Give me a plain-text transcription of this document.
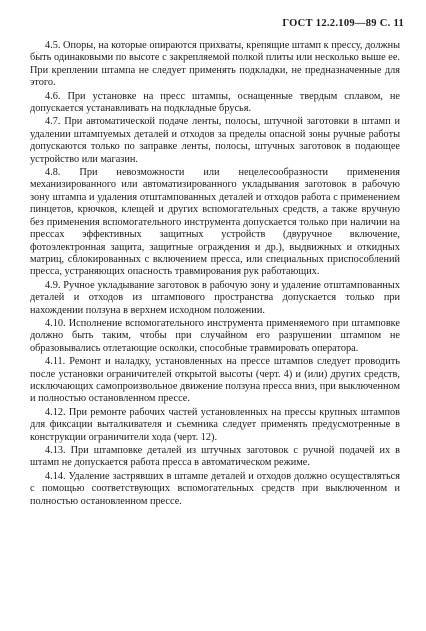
ГОСТ 12.2.109—89 С. 11

4.5. Опоры, на которые опираются прихваты, крепящие штамп к прессу, должны быть одинаковыми по высоте с закрепляемой полкой плиты или несколько выше ее. При креплении штампа не следует применять подкладки, не предназначенные для этого.

4.6. При установке на пресс штампы, оснащенные твердым сплавом, не допускается устанавливать на подкладные брусья.

4.7. При автоматической подаче ленты, полосы, штучной заготовки в штамп и удалении штампуемых деталей и отходов за пределы опасной зоны ручные работы допускаются только по заправке ленты, полосы, штучных заготовок в подающее устройство или магазин.

4.8. При невозможности или нецелесообразности применения механизированного или автоматизированного укладывания заготовок в рабочую зону штампа и удаления отштампованных деталей и отходов работа с применением пинцетов, крючков, клещей и других вспомогательных средств, а также вручную без применения вспомогательного инструмента допускается только при наличии на прессах эффективных защитных устройств (двуручное включение, фотоэлектронная защита, защитные ограждения и др.), выдвижных и откидных матриц, сблокированных с включением пресса, или специальных приспособлений пресса, устраняющих опасность травмирования рук работающих.

4.9. Ручное укладывание заготовок в рабочую зону и удаление отштампованных деталей и отходов из штампового пространства допускается только при нахождении ползуна в верхнем исходном положении.

4.10. Исполнение вспомогательного инструмента применяемого при штамповке должно быть таким, чтобы при случайном его разрушении штампом не образовывались отлетающие осколки, способные травмировать оператора.

4.11. Ремонт и наладку, установленных на прессе штампов следует проводить после установки ограничителей открытой высоты (черт. 4) и (или) других средств, исключающих самопроизвольное движение ползуна пресса вниз, при выключенном и полностью остановленном прессе.

4.12. При ремонте рабочих частей установленных на прессы крупных штампов для фиксации выталкивателя и съемника следует применять предусмотренные в конструкции ограничители хода (черт. 12).

4.13. При штамповке деталей из штучных заготовок с ручной подачей их в штамп не допускается работа пресса в автоматическом режиме.

4.14. Удаление застрявших в штампе деталей и отходов должно осуществляться с помощью соответствующих вспомогательных средств при выключенном и полностью остановленном прессе.
